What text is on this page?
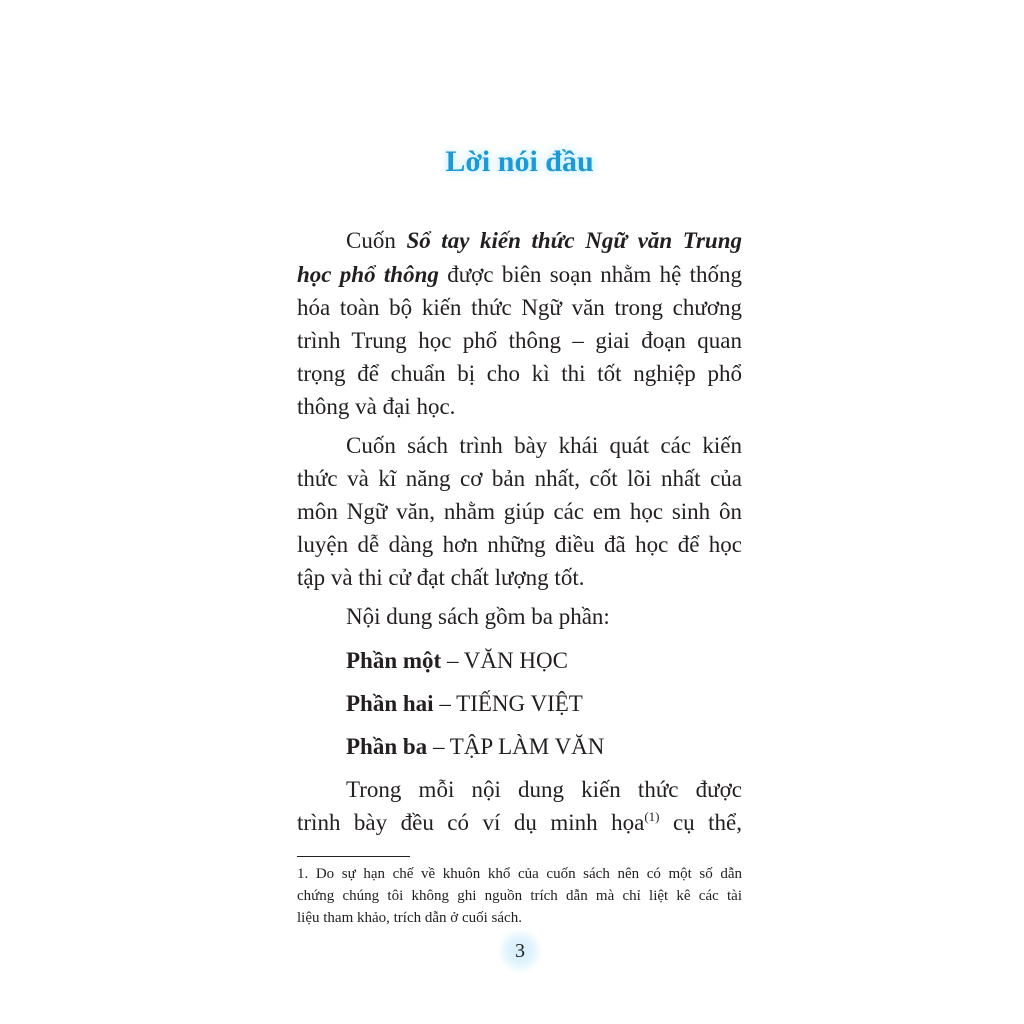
Lời nói đầu
Cuốn Sổ tay kiến thức Ngữ văn Trung
học phổ thông được biên soạn nhằm hệ thống
hóa toàn bộ kiến thức Ngữ văn trong chương
trình Trung học phổ thông – giai đoạn quan
trọng để chuẩn bị cho kì thi tốt nghiệp phổ
thông và đại học.
Cuốn sách trình bày khái quát các kiến
thức và kĩ năng cơ bản nhất, cốt lõi nhất của
môn Ngữ văn, nhằm giúp các em học sinh ôn
luyện dễ dàng hơn những điều đã học để học
tập và thi cử đạt chất lượng tốt.
Nội dung sách gồm ba phần:
Phần một – VĂN HỌC
Phần hai – TIẾNG VIỆT
Phần ba – TẬP LÀM VĂN
Trong mỗi nội dung kiến thức được
trình bày đều có ví dụ minh họa$^{(1)}$ cụ thể,
1. Do sự hạn chế về khuôn khổ của cuốn sách nên có một số dẫn
chứng chúng tôi không ghi nguồn trích dẫn mà chỉ liệt kê các tài
liệu tham khảo, trích dẫn ở cuối sách.
3
